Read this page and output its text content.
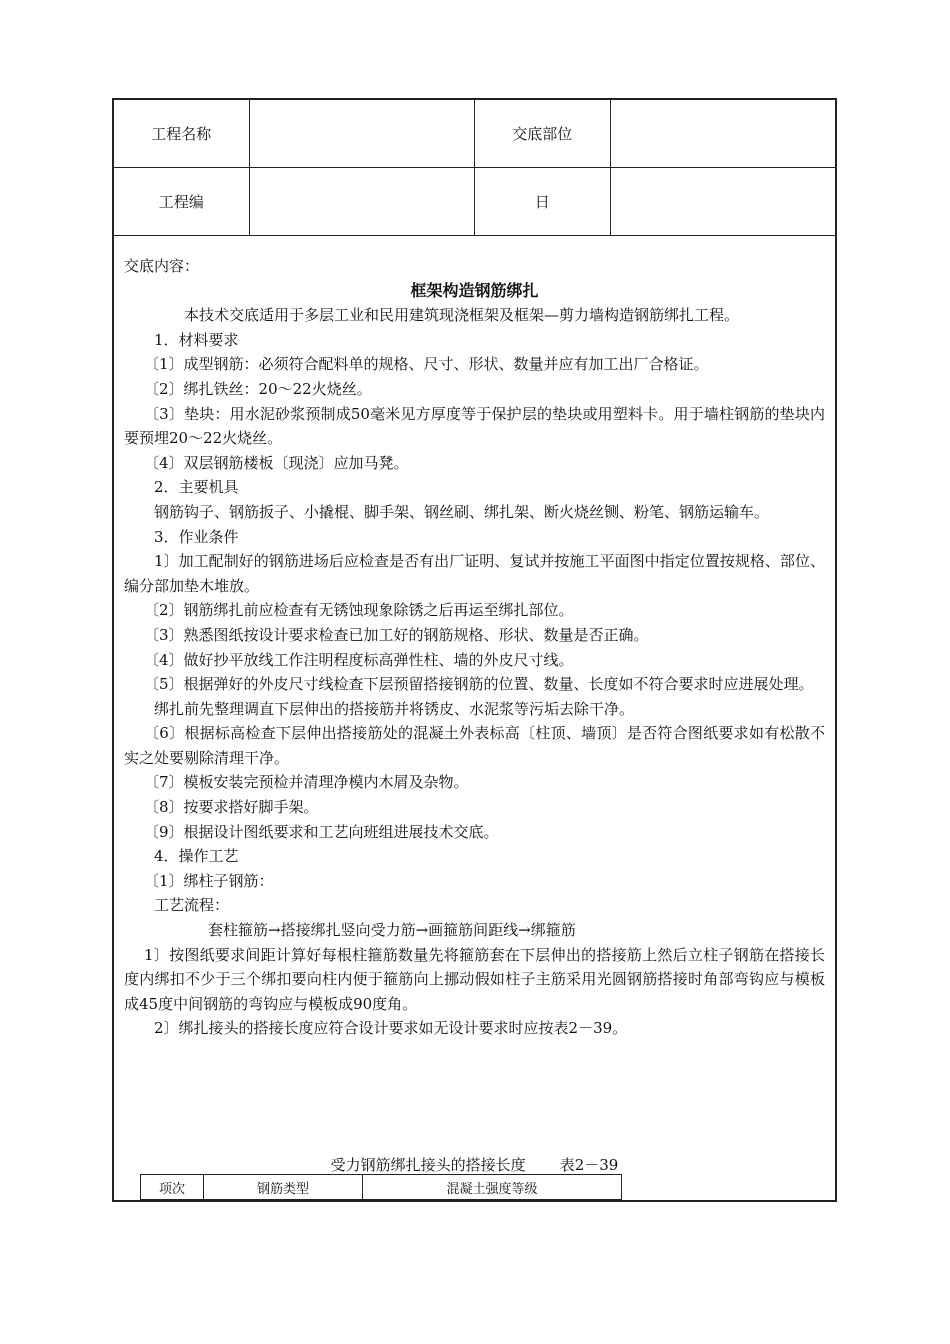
工程名称	交底部位
工程编	日

交底内容：

框架构造钢筋绑扎

本技术交底适用于多层工业和民用建筑现浇框架及框架—剪力墙构造钢筋绑扎工程。

1．材料要求

〔1〕成型钢筋：必须符合配料单的规格、尺寸、形状、数量并应有加工出厂合格证。

〔2〕绑扎铁丝：20～22火烧丝。

〔3〕垫块：用水泥砂浆预制成50毫米见方厚度等于保护层的垫块或用塑料卡。用于墙柱钢筋的垫块内要预埋20～22火烧丝。

〔4〕双层钢筋楼板〔现浇〕应加马凳。

2．主要机具

钢筋钩子、钢筋扳子、小撬棍、脚手架、钢丝刷、绑扎架、断火烧丝铡、粉笔、钢筋运输车。

3．作业条件

1〕加工配制好的钢筋进场后应检查是否有出厂证明、复试并按施工平面图中指定位置按规格、部位、编分部加垫木堆放。

〔2〕钢筋绑扎前应检查有无锈蚀现象除锈之后再运至绑扎部位。

〔3〕熟悉图纸按设计要求检查已加工好的钢筋规格、形状、数量是否正确。

〔4〕做好抄平放线工作注明程度标高弹性柱、墙的外皮尺寸线。

〔5〕根据弹好的外皮尺寸线检查下层预留搭接钢筋的位置、数量、长度如不符合要求时应进展处理。

绑扎前先整理调直下层伸出的搭接筋并将锈皮、水泥浆等污垢去除干净。

〔6〕根据标高检查下层伸出搭接筋处的混凝土外表标高〔柱顶、墙顶〕是否符合图纸要求如有松散不实之处要剔除清理干净。

〔7〕模板安装完预检并清理净模内木屑及杂物。

〔8〕按要求搭好脚手架。

〔9〕根据设计图纸要求和工艺向班组进展技术交底。

4．操作工艺

〔1〕绑柱子钢筋：

工艺流程：

套柱箍筋→搭接绑扎竖向受力筋→画箍筋间距线→绑箍筋

1〕按图纸要求间距计算好每根柱箍筋数量先将箍筋套在下层伸出的搭接筋上然后立柱子钢筋在搭接长度内绑扣不少于三个绑扣要向柱内便于箍筋向上挪动假如柱子主筋采用光圆钢筋搭接时角部弯钩应与模板成45度中间钢筋的弯钩应与模板成90度角。

2〕绑扎接头的搭接长度应符合设计要求如无设计要求时应按表2－39。

受力钢筋绑扎接头的搭接长度 表2－39
项次	钢筋类型	混凝土强度等级
